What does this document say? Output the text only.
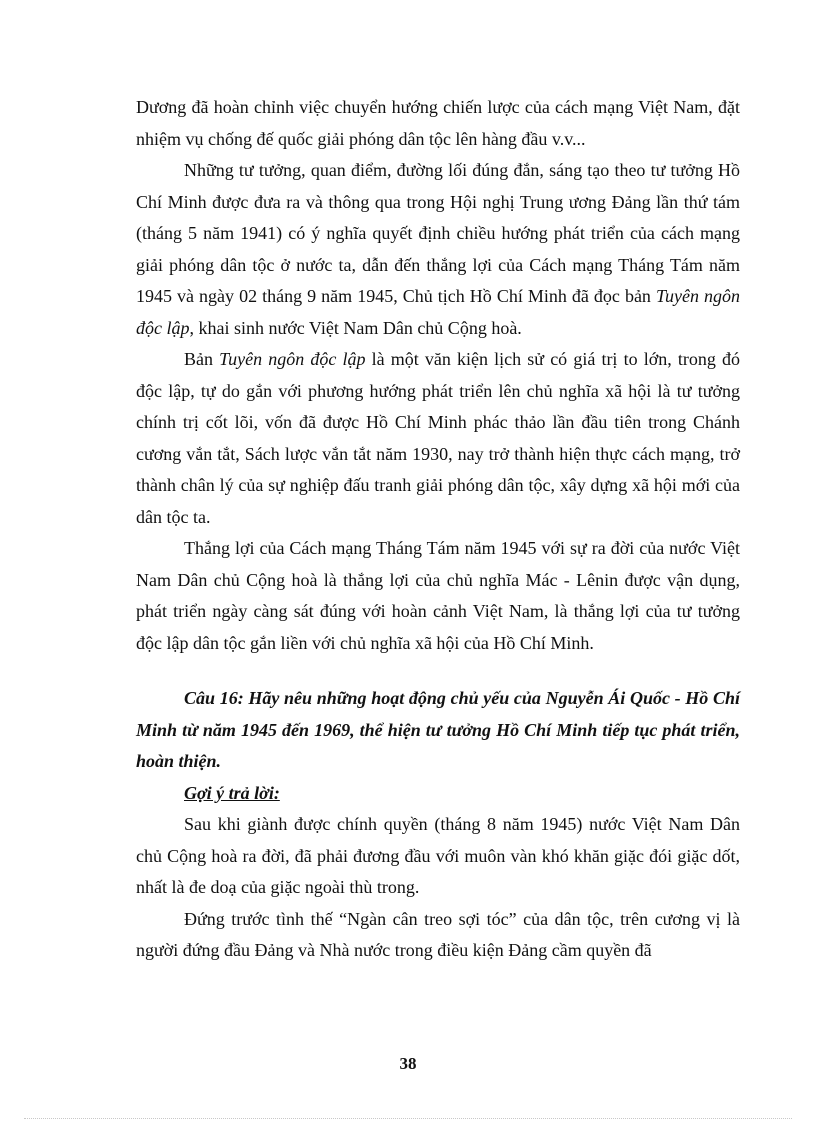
Dương đã hoàn chỉnh việc chuyển hướng chiến lược của cách mạng Việt Nam, đặt nhiệm vụ chống đế quốc giải phóng dân tộc lên hàng đầu v.v...

Những tư tưởng, quan điểm, đường lối đúng đắn, sáng tạo theo tư tưởng Hồ Chí Minh được đưa ra và thông qua trong Hội nghị Trung ương Đảng lần thứ tám (tháng 5 năm 1941) có ý nghĩa quyết định chiều hướng phát triển của cách mạng giải phóng dân tộc ở nước ta, dẫn đến thắng lợi của Cách mạng Tháng Tám năm 1945 và ngày 02 tháng 9 năm 1945, Chủ tịch Hồ Chí Minh đã đọc bản Tuyên ngôn độc lập, khai sinh nước Việt Nam Dân chủ Cộng hoà.

Bản Tuyên ngôn độc lập là một văn kiện lịch sử có giá trị to lớn, trong đó độc lập, tự do gắn với phương hướng phát triển lên chủ nghĩa xã hội là tư tưởng chính trị cốt lõi, vốn đã được Hồ Chí Minh phác thảo lần đầu tiên trong Chánh cương vắn tắt, Sách lược vắn tắt năm 1930, nay trở thành hiện thực cách mạng, trở thành chân lý của sự nghiệp đấu tranh giải phóng dân tộc, xây dựng xã hội mới của dân tộc ta.

Thắng lợi của Cách mạng Tháng Tám năm 1945 với sự ra đời của nước Việt Nam Dân chủ Cộng hoà là thắng lợi của chủ nghĩa Mác - Lênin được vận dụng, phát triển ngày càng sát đúng với hoàn cảnh Việt Nam, là thắng lợi của tư tưởng độc lập dân tộc gắn liền với chủ nghĩa xã hội của Hồ Chí Minh.

Câu 16: Hãy nêu những hoạt động chủ yếu của Nguyễn Ái Quốc - Hồ Chí Minh từ năm 1945 đến 1969, thể hiện tư tưởng Hồ Chí Minh tiếp tục phát triển, hoàn thiện.

Gợi ý trả lời:

Sau khi giành được chính quyền (tháng 8 năm 1945) nước Việt Nam Dân chủ Cộng hoà ra đời, đã phải đương đầu với muôn vàn khó khăn giặc đói giặc dốt, nhất là đe doạ của giặc ngoài thù trong.

Đứng trước tình thế “Ngàn cân treo sợi tóc” của dân tộc, trên cương vị là người đứng đầu Đảng và Nhà nước trong điều kiện Đảng cầm quyền đã

38
